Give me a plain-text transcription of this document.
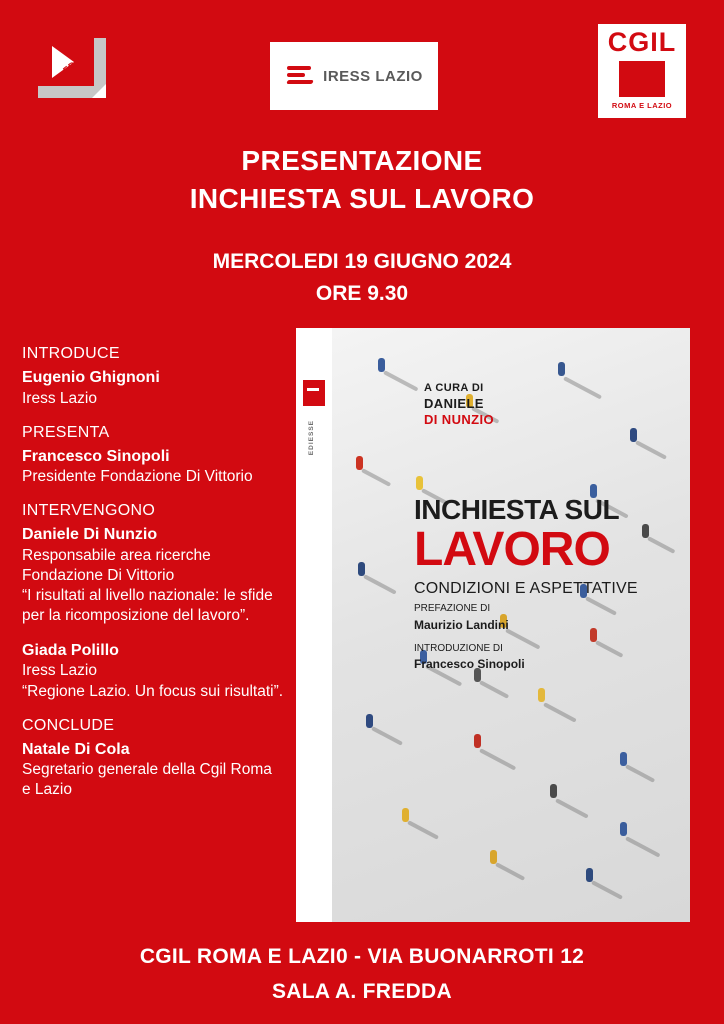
FDV
IRESS LAZIO
CGIL
ROMA E LAZIO
PRESENTAZIONE
INCHIESTA SUL LAVORO
MERCOLEDI 19 GIUGNO 2024
ORE 9.30
INTRODUCE
Eugenio Ghignoni
Iress Lazio
PRESENTA
Francesco Sinopoli
Presidente Fondazione Di Vittorio
INTERVENGONO
Daniele Di Nunzio
Responsabile area ricerche Fondazione Di Vittorio
“I risultati al livello nazionale: le sfide per la ricomposizione del lavoro”.
Giada Polillo
Iress Lazio
“Regione Lazio. Un focus sui risultati”.
CONCLUDE
Natale Di Cola
Segretario generale della Cgil Roma e Lazio
EDIESSE
A CURA DI
DANIELE
DI NUNZIO
INCHIESTA SUL
LAVORO
CONDIZIONI E ASPETTATIVE
PREFAZIONE DI
Maurizio Landini
INTRODUZIONE DI
Francesco Sinopoli
CGIL ROMA E LAZI0 - VIA BUONARROTI 12
SALA A. FREDDA
